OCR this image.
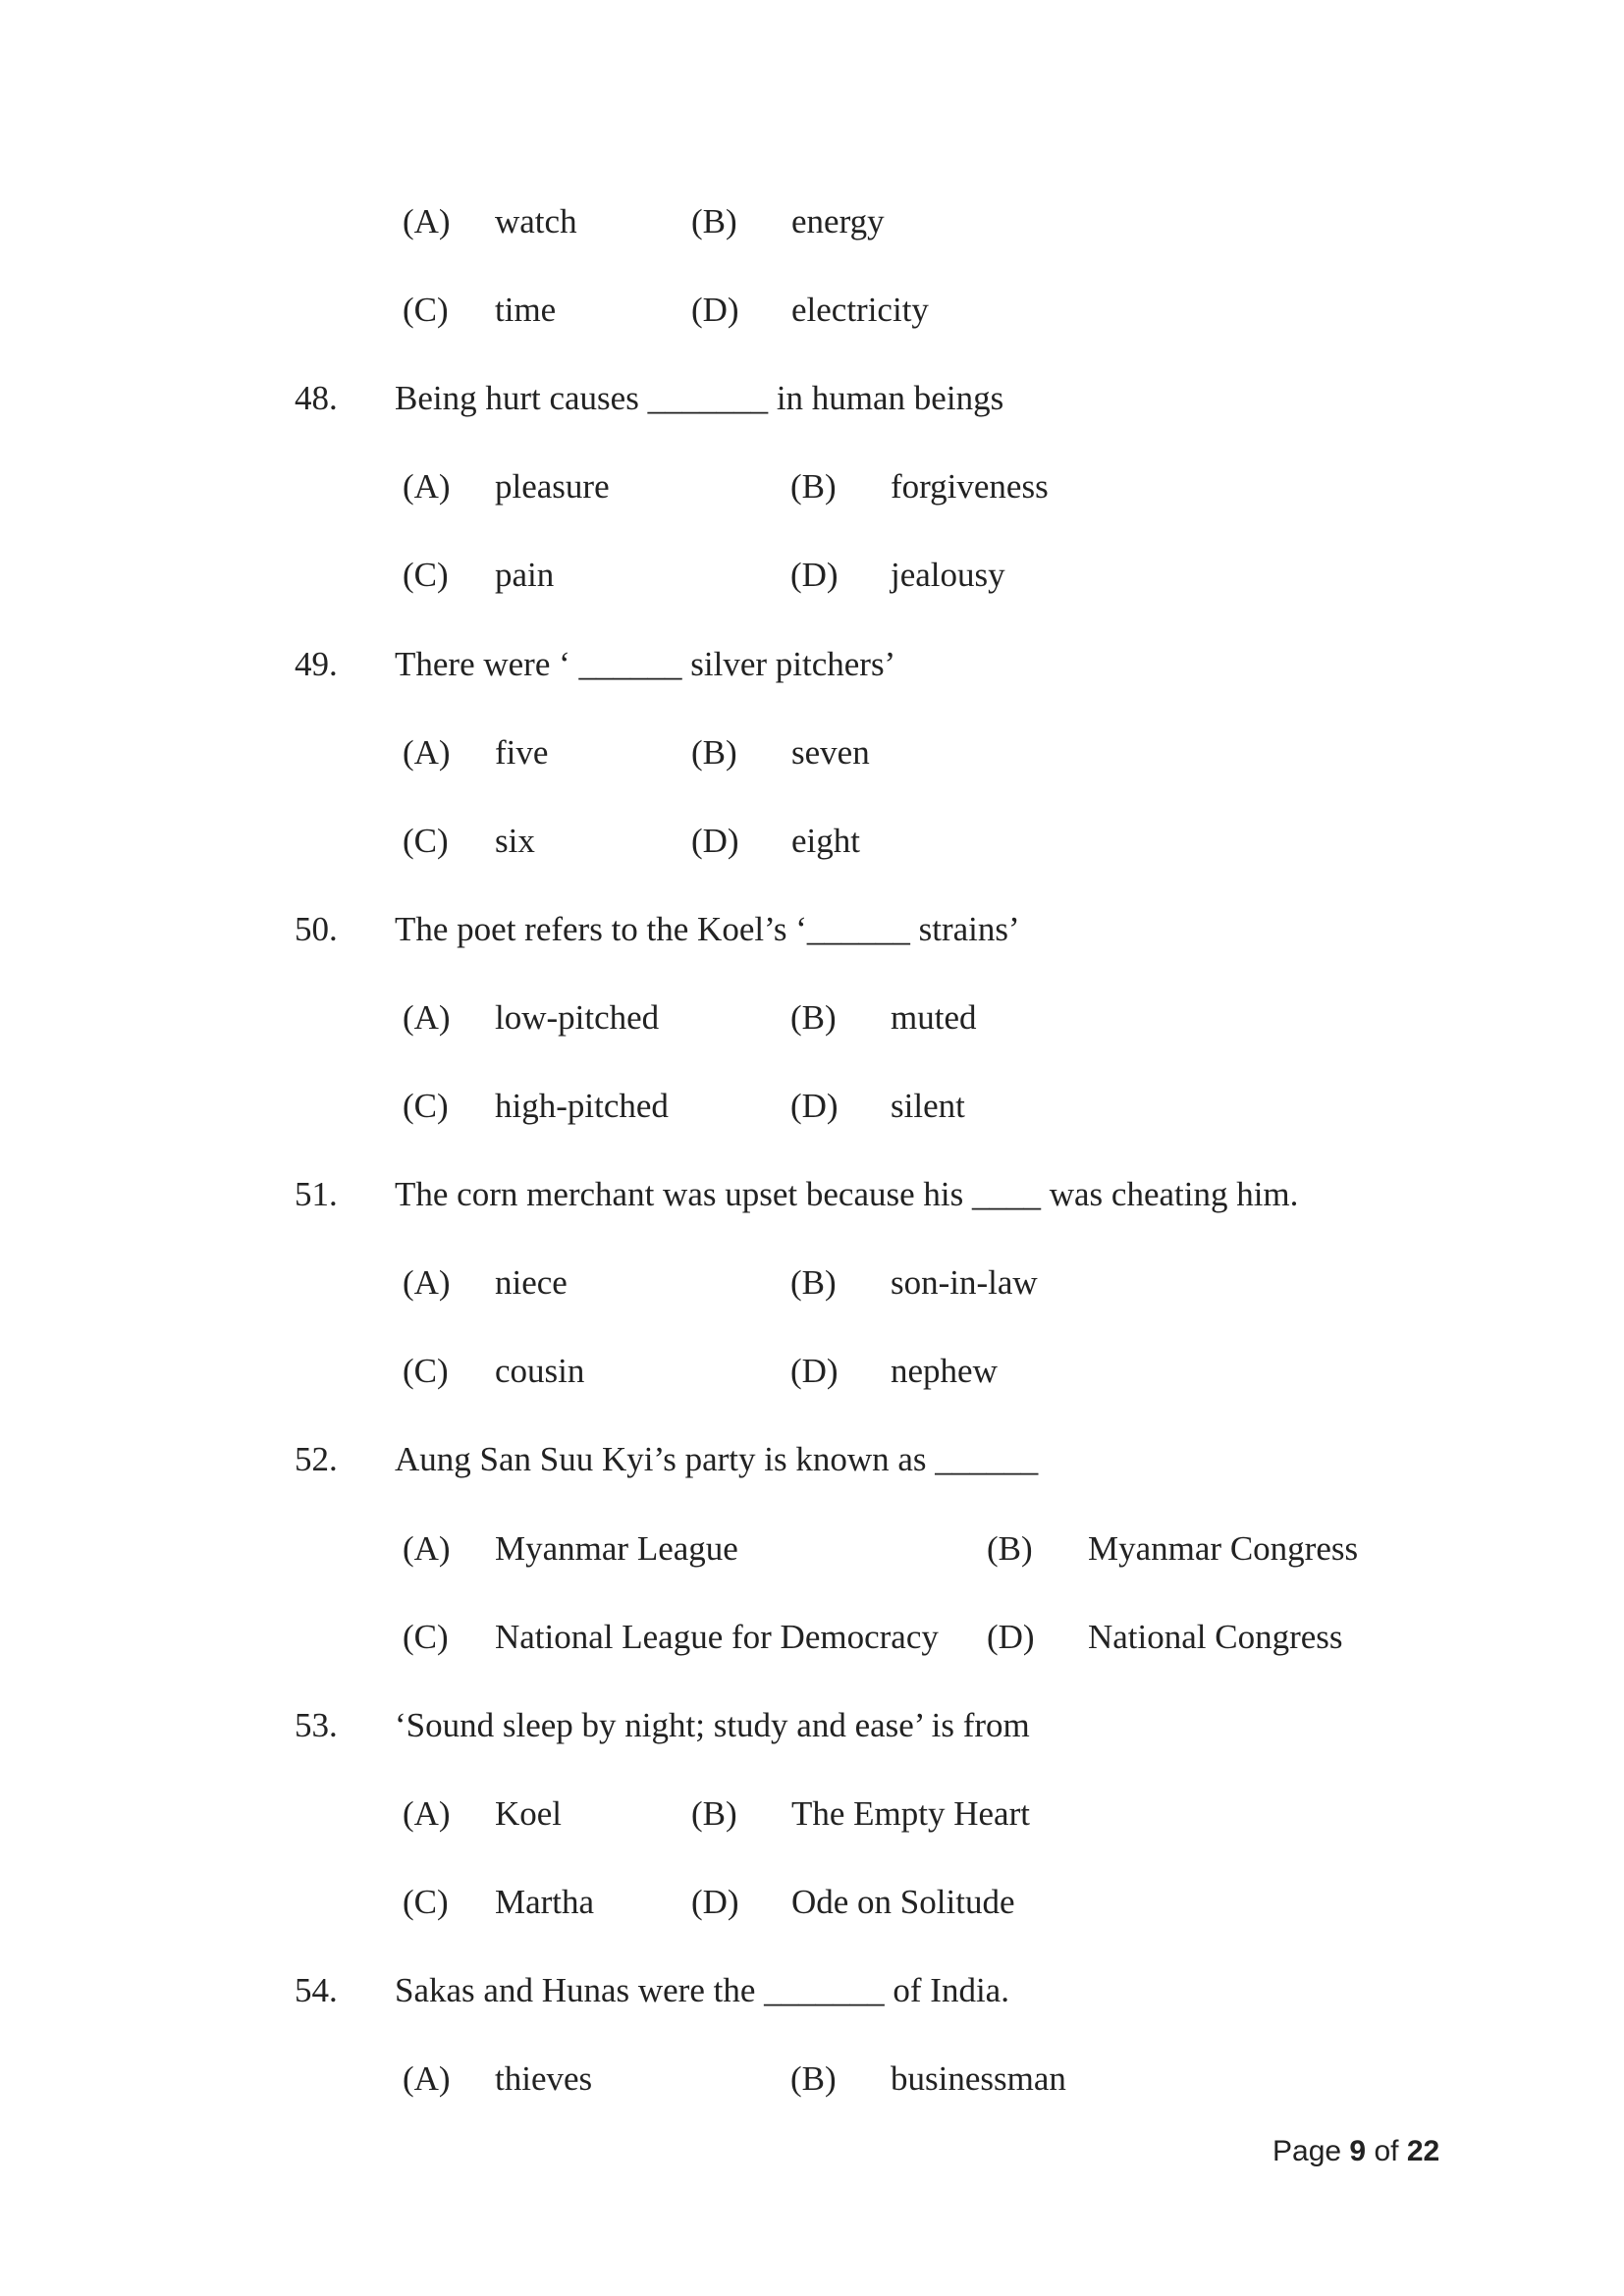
(A) watch	(B) energy
(C) time	(D) electricity
48. Being hurt causes _______ in human beings
(A) pleasure	(B) forgiveness
(C) pain	(D) jealousy
49. There were ‘ ______ silver pitchers’
(A) five	(B) seven
(C) six	(D) eight
50. The poet refers to the Koel’s ‘______ strains’
(A) low-pitched	(B) muted
(C) high-pitched	(D) silent
51. The corn merchant was upset because his ____ was cheating him.
(A) niece	(B) son-in-law
(C) cousin	(D) nephew
52. Aung San Suu Kyi’s party is known as ______
(A) Myanmar League	(B) Myanmar Congress
(C) National League for Democracy (D) National Congress
53. ‘Sound sleep by night; study and ease’ is from
(A) Koel	(B) The Empty Heart
(C) Martha	(D) Ode on Solitude
54. Sakas and Hunas were the _______ of India.
(A) thieves	(B) businessman
Page 9 of 22
